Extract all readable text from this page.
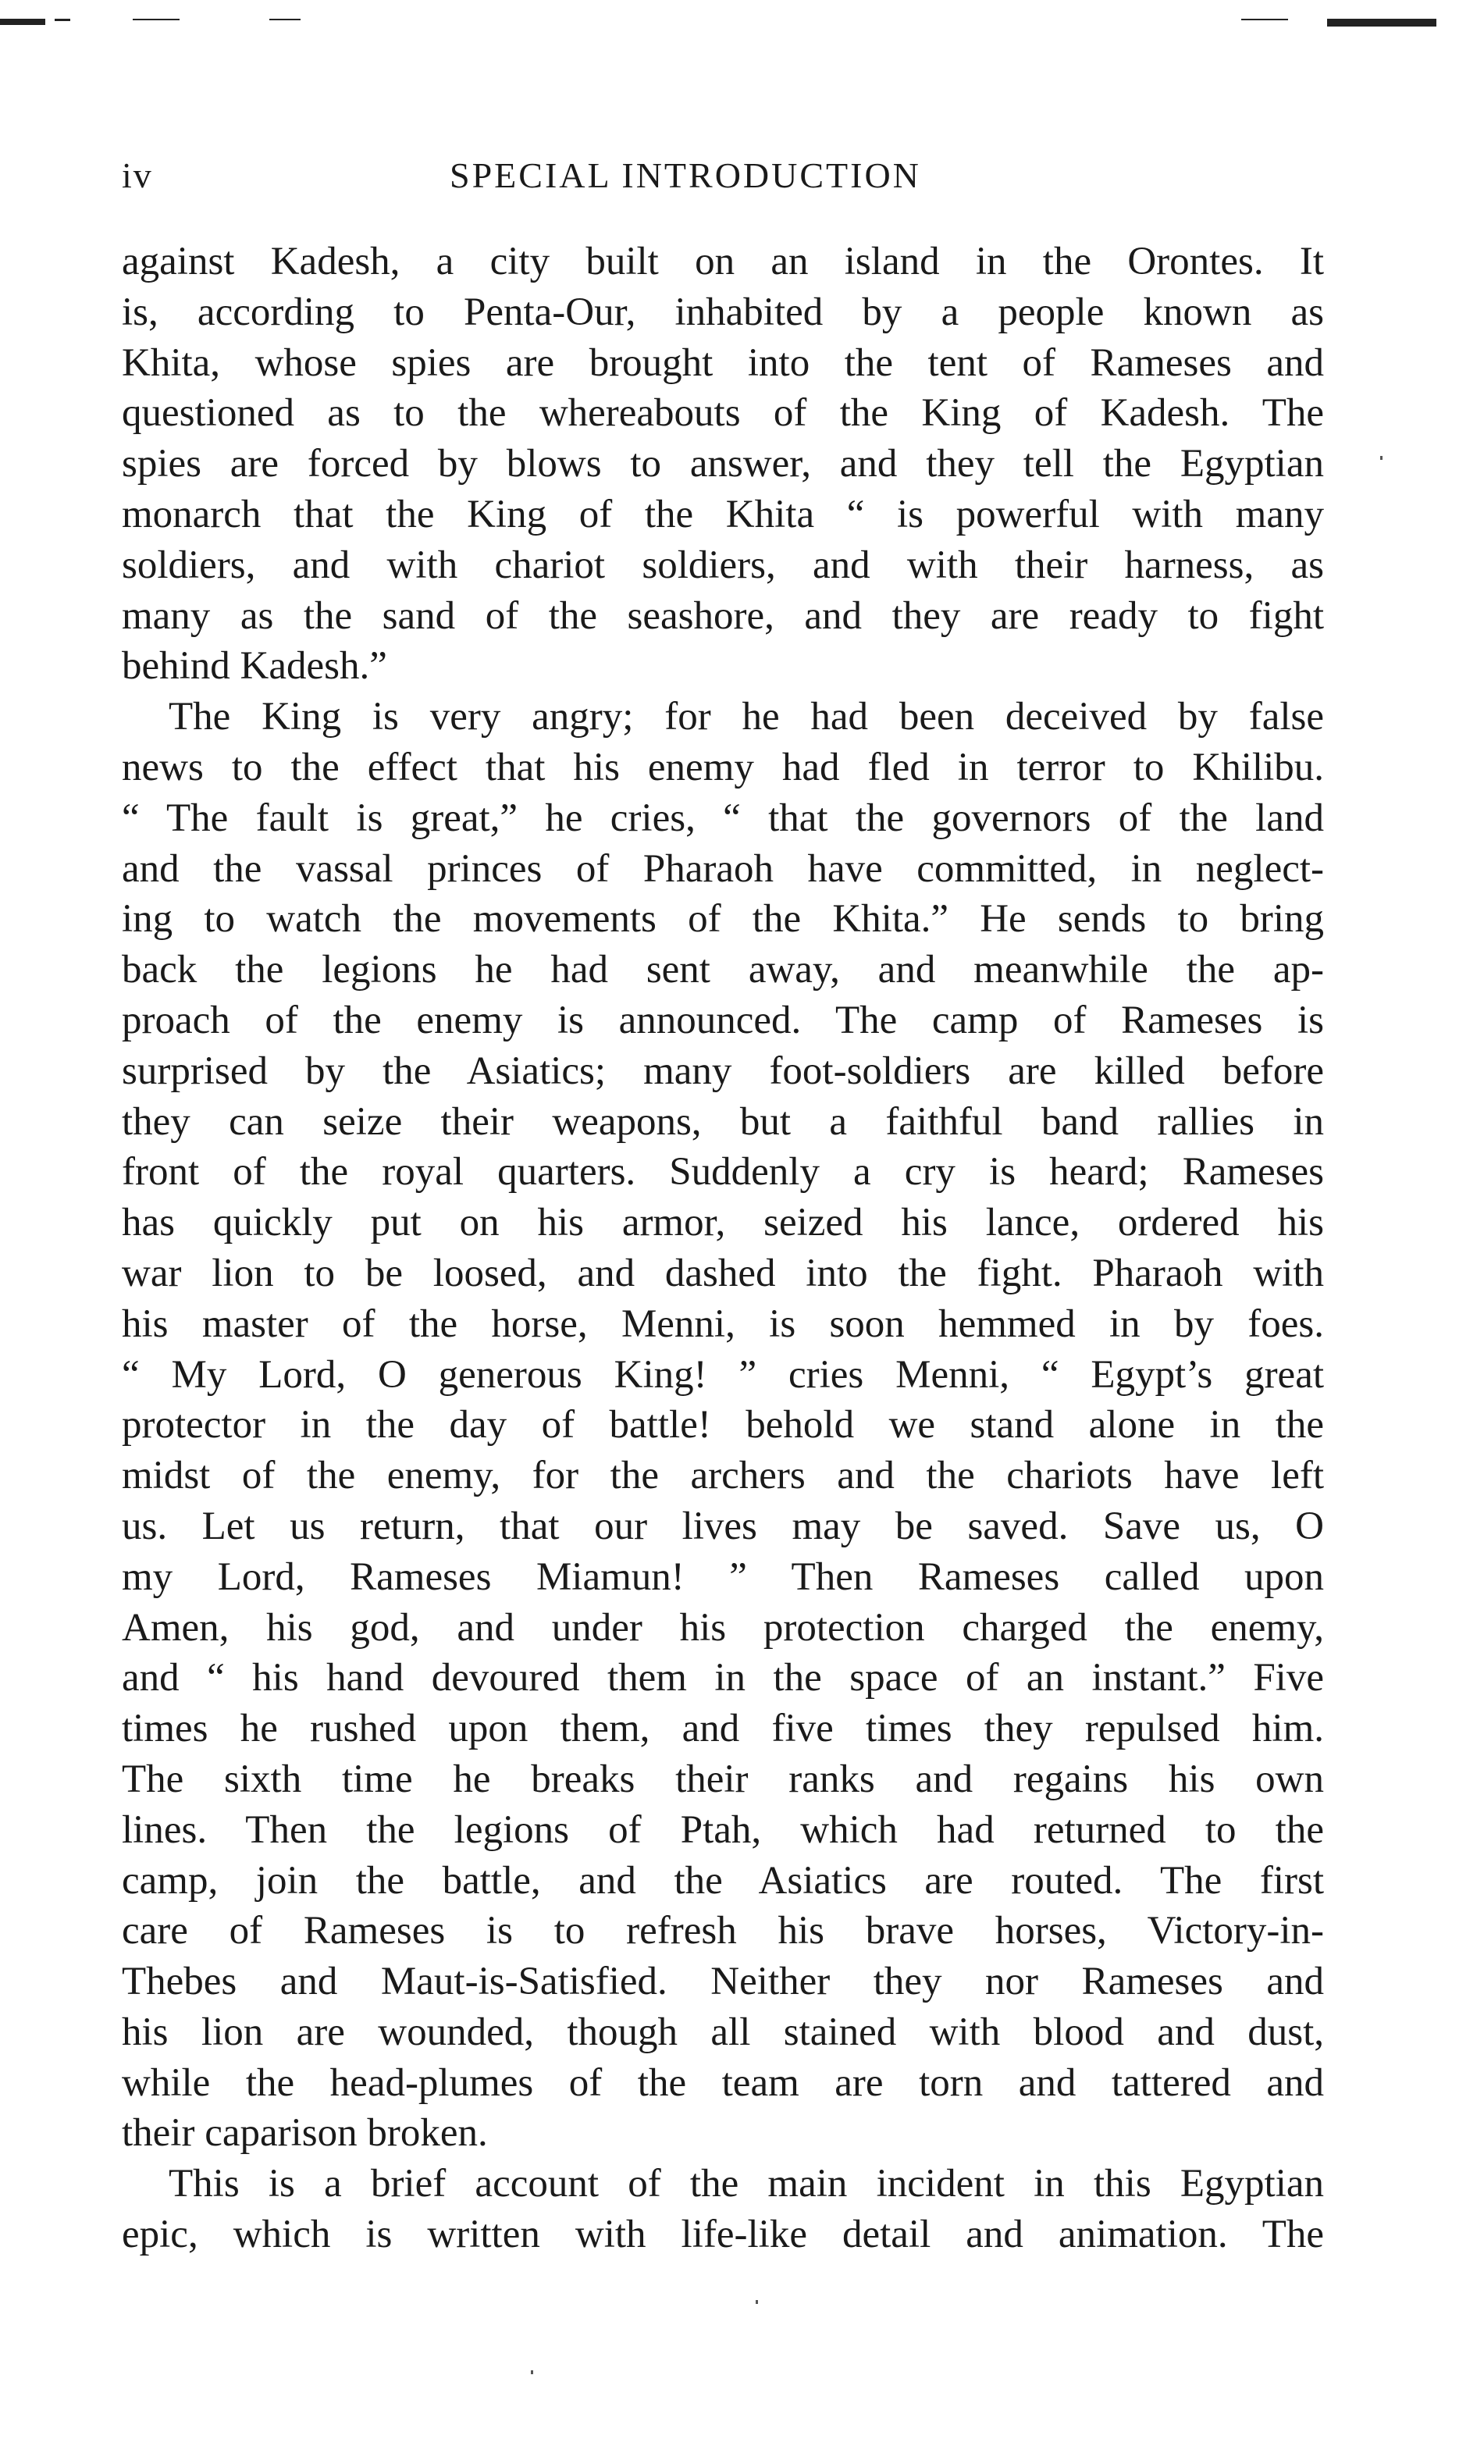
iv	SPECIAL INTRODUCTION
against Kadesh, a city built on an island in the Orontes. It
is, according to Penta-Our, inhabited by a people known as
Khita, whose spies are brought into the tent of Rameses and
questioned as to the whereabouts of the King of Kadesh. The
spies are forced by blows to answer, and they tell the Egyptian
monarch that the King of the Khita “ is powerful with many
soldiers, and with chariot soldiers, and with their harness, as
many as the sand of the seashore, and they are ready to fight
behind Kadesh.”
The King is very angry; for he had been deceived by false
news to the effect that his enemy had fled in terror to Khilibu.
“ The fault is great,” he cries, “ that the governors of the land
and the vassal princes of Pharaoh have committed, in neglect-
ing to watch the movements of the Khita.” He sends to bring
back the legions he had sent away, and meanwhile the ap-
proach of the enemy is announced. The camp of Rameses is
surprised by the Asiatics; many foot-soldiers are killed before
they can seize their weapons, but a faithful band rallies in
front of the royal quarters. Suddenly a cry is heard; Rameses
has quickly put on his armor, seized his lance, ordered his
war lion to be loosed, and dashed into the fight. Pharaoh with
his master of the horse, Menni, is soon hemmed in by foes.
“ My Lord, O generous King! ” cries Menni, “ Egypt’s great
protector in the day of battle! behold we stand alone in the
midst of the enemy, for the archers and the chariots have left
us. Let us return, that our lives may be saved. Save us, O
my Lord, Rameses Miamun! ” Then Rameses called upon
Amen, his god, and under his protection charged the enemy,
and “ his hand devoured them in the space of an instant.” Five
times he rushed upon them, and five times they repulsed him.
The sixth time he breaks their ranks and regains his own
lines. Then the legions of Ptah, which had returned to the
camp, join the battle, and the Asiatics are routed. The first
care of Rameses is to refresh his brave horses, Victory-in-
Thebes and Maut-is-Satisfied. Neither they nor Rameses and
his lion are wounded, though all stained with blood and dust,
while the head-plumes of the team are torn and tattered and
their caparison broken.
This is a brief account of the main incident in this Egyptian
epic, which is written with life-like detail and animation. The
